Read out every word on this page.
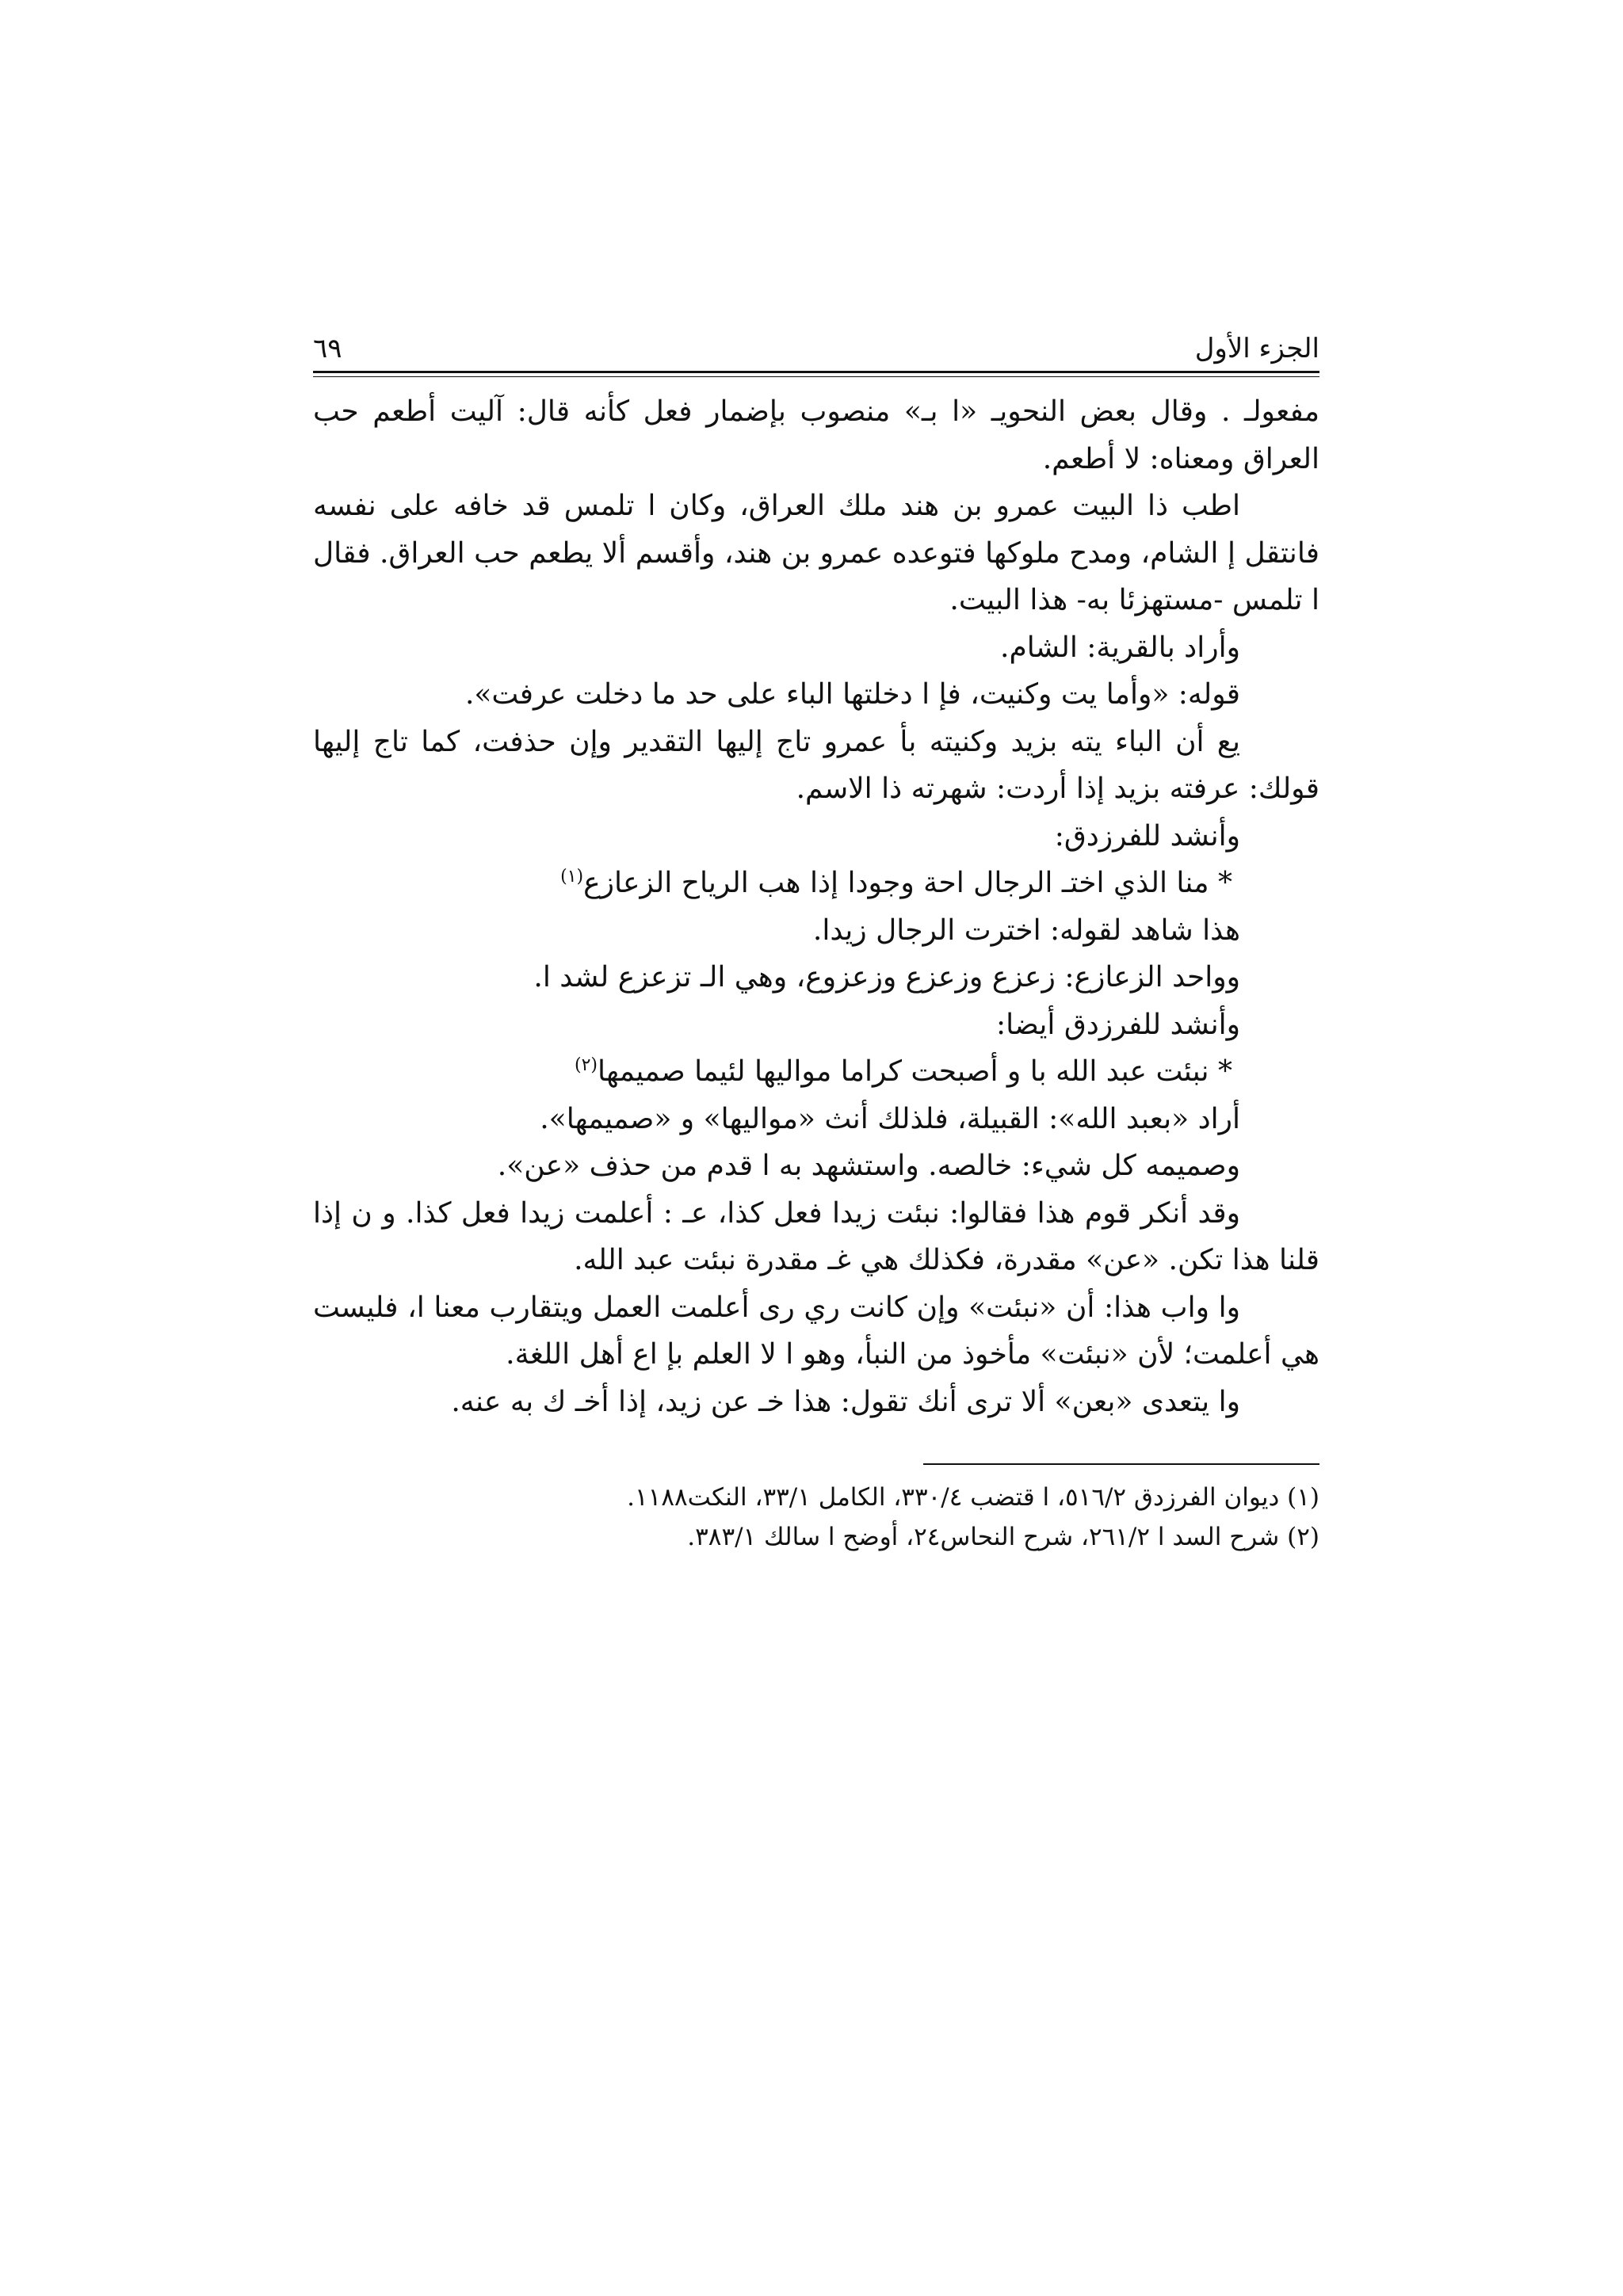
الجزء الأول
٦٩

مفعولـ . وقال بعض النحويـ «ا بـ» منصوب بإضمار فعل كأنه قال: آليت أطعم حب العراق ومعناه: لا أطعم.

اطب ذا البيت عمرو بن هند ملك العراق، وكان ا تلمس قد خافه على نفسه فانتقل إ الشام، ومدح ملوكها فتوعده عمرو بن هند، وأقسم ألا يطعم حب العراق. فقال ا تلمس -مستهزئا به- هذا البيت.

وأراد بالقرية: الشام.

قوله: «وأما يت وكنيت، فإ ا دخلتها الباء على حد ما دخلت عرفت».

يع أن الباء يته بزيد وكنيته بأ عمرو تاج إليها التقدير وإن حذفت، كما تاج إليها قولك: عرفته بزيد إذا أردت: شهرته ذا الاسم.

وأنشد للفرزدق:

* منا الذي اختـ الرجال احة وجودا إذا هب الرياح الزعازع$^{(١)}$

هذا شاهد لقوله: اخترت الرجال زيدا.

وواحد الزعازع: زعزع وزعزع وزعزوع، وهي الـ تزعزع لشد ا.

وأنشد للفرزدق أيضا:

* نبئت عبد الله با و أصبحت كراما مواليها لئيما صميمها$^{(٢)}$

أراد «بعبد الله»: القبيلة، فلذلك أنث «مواليها» و «صميمها».

وصميمه كل شيء: خالصه. واستشهد به ا قدم من حذف «عن».

وقد أنكر قوم هذا فقالوا: نبئت زيدا فعل كذا، عـ : أعلمت زيدا فعل كذا. و ن إذا قلنا هذا تكن. «عن» مقدرة، فكذلك هي غـ مقدرة نبئت عبد الله.

وا واب هذا: أن «نبئت» وإن كانت ري رى أعلمت العمل ويتقارب معنا ا، فليست هي أعلمت؛ لأن «نبئت» مأخوذ من النبأ، وهو ا لا العلم بإ اع أهل اللغة.

وا يتعدى «بعن» ألا ترى أنك تقول: هذا خـ عن زيد، إذا أخـ ك به عنه.

(١) ديوان الفرزدق ٥١٦/٢، ا قتضب ٣٣٠/٤، الكامل ٣٣/١، النكت١١٨٨.

(٢) شرح السد ا ٢٦١/٢، شرح النحاس٢٤، أوضح ا سالك ٣٨٣/١.
